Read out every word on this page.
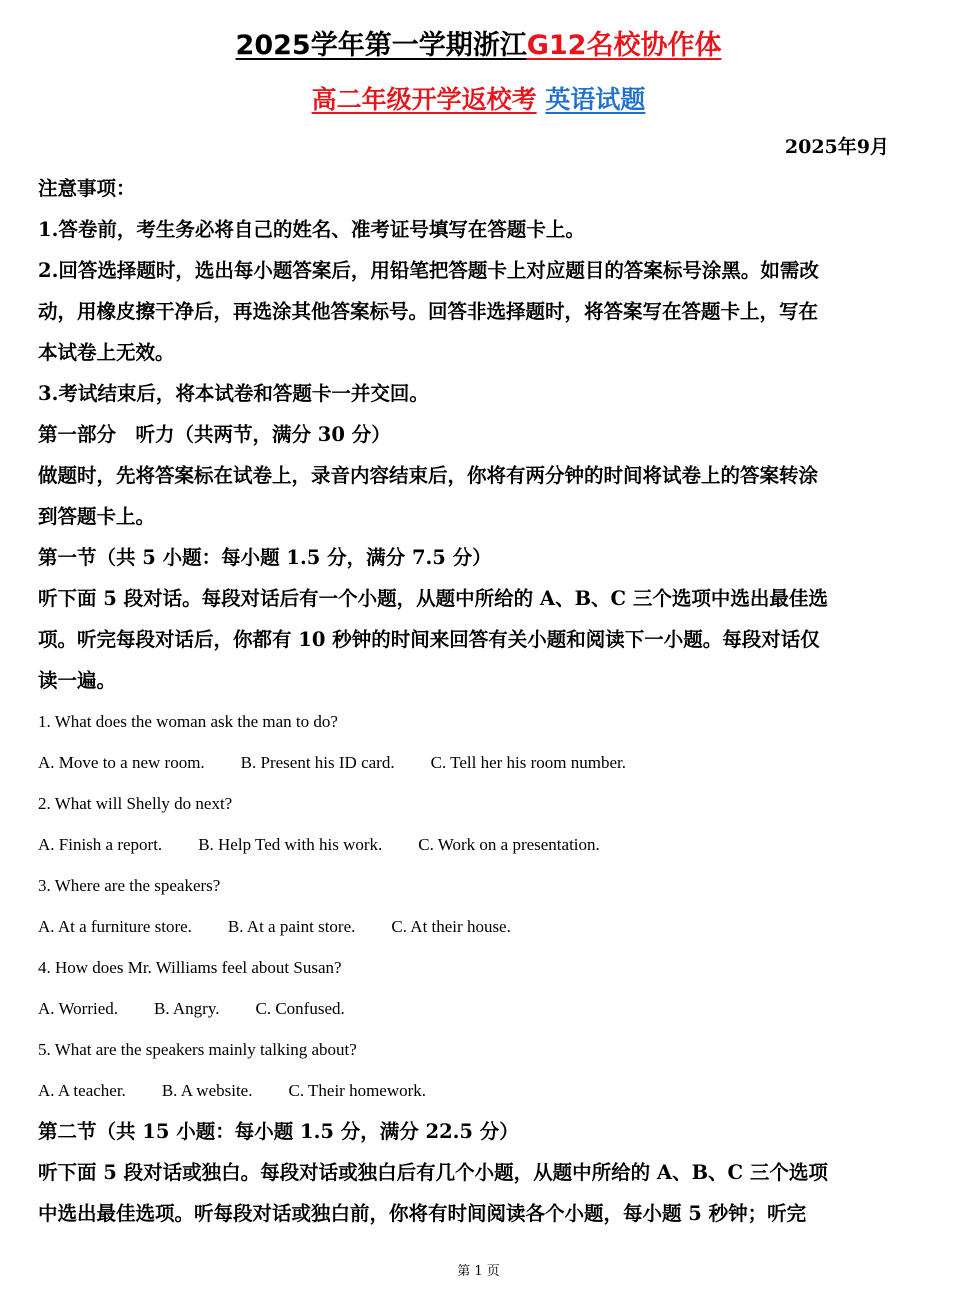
2025学年第一学期浙江G12名校协作体
高二年级开学返校考 英语试题
2025年9月
注意事项：
1.答卷前，考生务必将自己的姓名、准考证号填写在答题卡上。
2.回答选择题时，选出每小题答案后，用铅笔把答题卡上对应题目的答案标号涂黑。如需改
动，用橡皮擦干净后，再选涂其他答案标号。回答非选择题时，将答案写在答题卡上，写在
本试卷上无效。
3.考试结束后，将本试卷和答题卡一并交回。
第一部分　听力（共两节，满分 30 分）
做题时，先将答案标在试卷上，录音内容结束后，你将有两分钟的时间将试卷上的答案转涂
到答题卡上。
第一节（共 5 小题：每小题 1.5 分，满分 7.5 分）
听下面 5 段对话。每段对话后有一个小题，从题中所给的 A、B、C 三个选项中选出最佳选
项。听完每段对话后，你都有 10 秒钟的时间来回答有关小题和阅读下一小题。每段对话仅
读一遍。
1. What does the woman ask the man to do?
A. Move to a new room. B. Present his ID card. C. Tell her his room number.
2. What will Shelly do next?
A. Finish a report. B. Help Ted with his work. C. Work on a presentation.
3. Where are the speakers?
A. At a furniture store. B. At a paint store. C. At their house.
4. How does Mr. Williams feel about Susan?
A. Worried. B. Angry. C. Confused.
5. What are the speakers mainly talking about?
A. A teacher. B. A website. C. Their homework.
第二节（共 15 小题：每小题 1.5 分，满分 22.5 分）
听下面 5 段对话或独白。每段对话或独白后有几个小题，从题中所给的 A、B、C 三个选项
中选出最佳选项。听每段对话或独白前，你将有时间阅读各个小题，每小题 5 秒钟；听完
第 1 页
